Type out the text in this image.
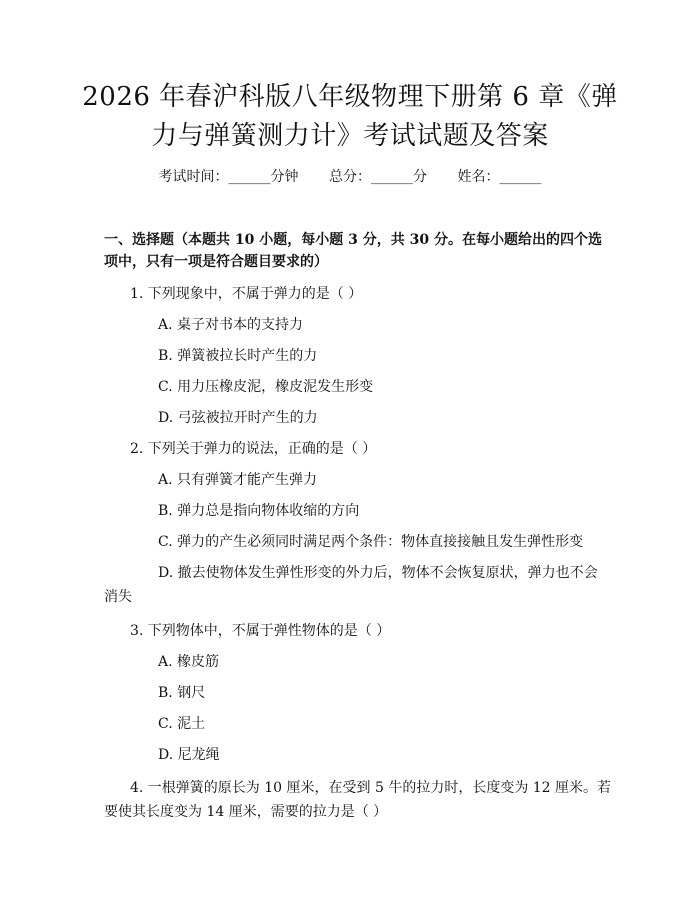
2026 年春沪科版八年级物理下册第 6 章《弹
力与弹簧测力计》考试试题及答案
考试时间：______分钟 总分：______分 姓名：______
一、选择题（本题共 10 小题，每小题 3 分，共 30 分。在每小题给出的四个选项中，只有一项是符合题目要求的）
1. 下列现象中，不属于弹力的是（ ）
A. 桌子对书本的支持力
B. 弹簧被拉长时产生的力
C. 用力压橡皮泥，橡皮泥发生形变
D. 弓弦被拉开时产生的力
2. 下列关于弹力的说法，正确的是（ ）
A. 只有弹簧才能产生弹力
B. 弹力总是指向物体收缩的方向
C. 弹力的产生必须同时满足两个条件：物体直接接触且发生弹性形变
D. 撤去使物体发生弹性形变的外力后，物体不会恢复原状，弹力也不会
消失
3. 下列物体中，不属于弹性物体的是（ ）
A. 橡皮筋
B. 钢尺
C. 泥土
D. 尼龙绳
4. 一根弹簧的原长为 10 厘米，在受到 5 牛的拉力时，长度变为 12 厘米。若
要使其长度变为 14 厘米，需要的拉力是（ ）
